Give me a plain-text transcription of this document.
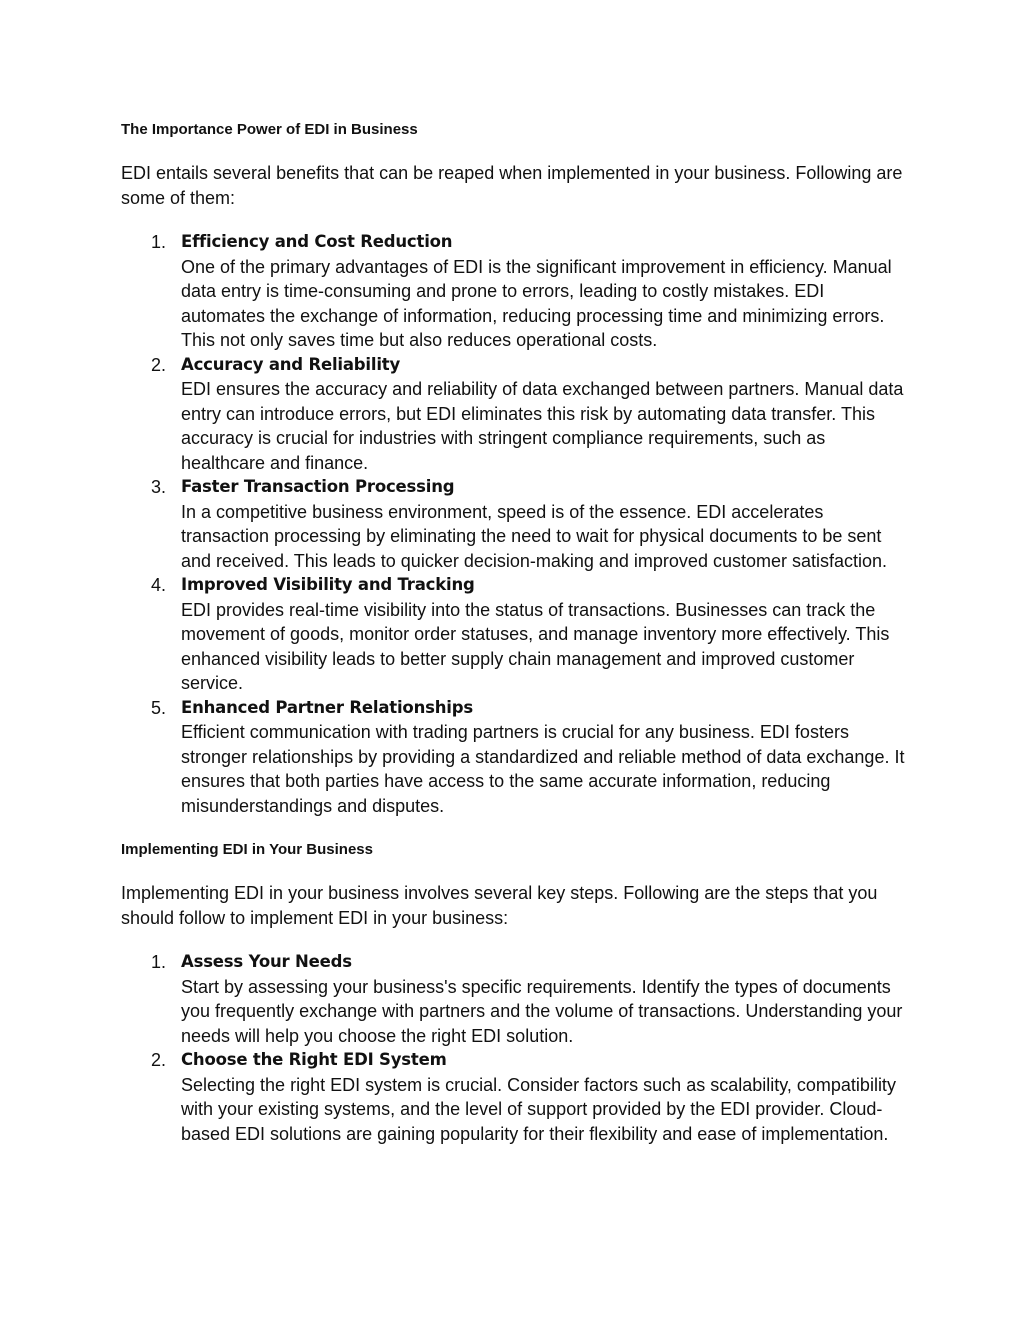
The Importance Power of EDI in Business

EDI entails several benefits that can be reaped when implemented in your business. Following are some of them:

1. Efficiency and Cost Reduction
One of the primary advantages of EDI is the significant improvement in efficiency. Manual data entry is time-consuming and prone to errors, leading to costly mistakes. EDI automates the exchange of information, reducing processing time and minimizing errors. This not only saves time but also reduces operational costs.
2. Accuracy and Reliability
EDI ensures the accuracy and reliability of data exchanged between partners. Manual data entry can introduce errors, but EDI eliminates this risk by automating data transfer. This accuracy is crucial for industries with stringent compliance requirements, such as healthcare and finance.
3. Faster Transaction Processing
In a competitive business environment, speed is of the essence. EDI accelerates transaction processing by eliminating the need to wait for physical documents to be sent and received. This leads to quicker decision-making and improved customer satisfaction.
4. Improved Visibility and Tracking
EDI provides real-time visibility into the status of transactions. Businesses can track the movement of goods, monitor order statuses, and manage inventory more effectively. This enhanced visibility leads to better supply chain management and improved customer service.
5. Enhanced Partner Relationships
Efficient communication with trading partners is crucial for any business. EDI fosters stronger relationships by providing a standardized and reliable method of data exchange. It ensures that both parties have access to the same accurate information, reducing misunderstandings and disputes.
Implementing EDI in Your Business

Implementing EDI in your business involves several key steps. Following are the steps that you should follow to implement EDI in your business:

1. Assess Your Needs
Start by assessing your business's specific requirements. Identify the types of documents you frequently exchange with partners and the volume of transactions. Understanding your needs will help you choose the right EDI solution.
2. Choose the Right EDI System
Selecting the right EDI system is crucial. Consider factors such as scalability, compatibility with your existing systems, and the level of support provided by the EDI provider. Cloud-based EDI solutions are gaining popularity for their flexibility and ease of implementation.
